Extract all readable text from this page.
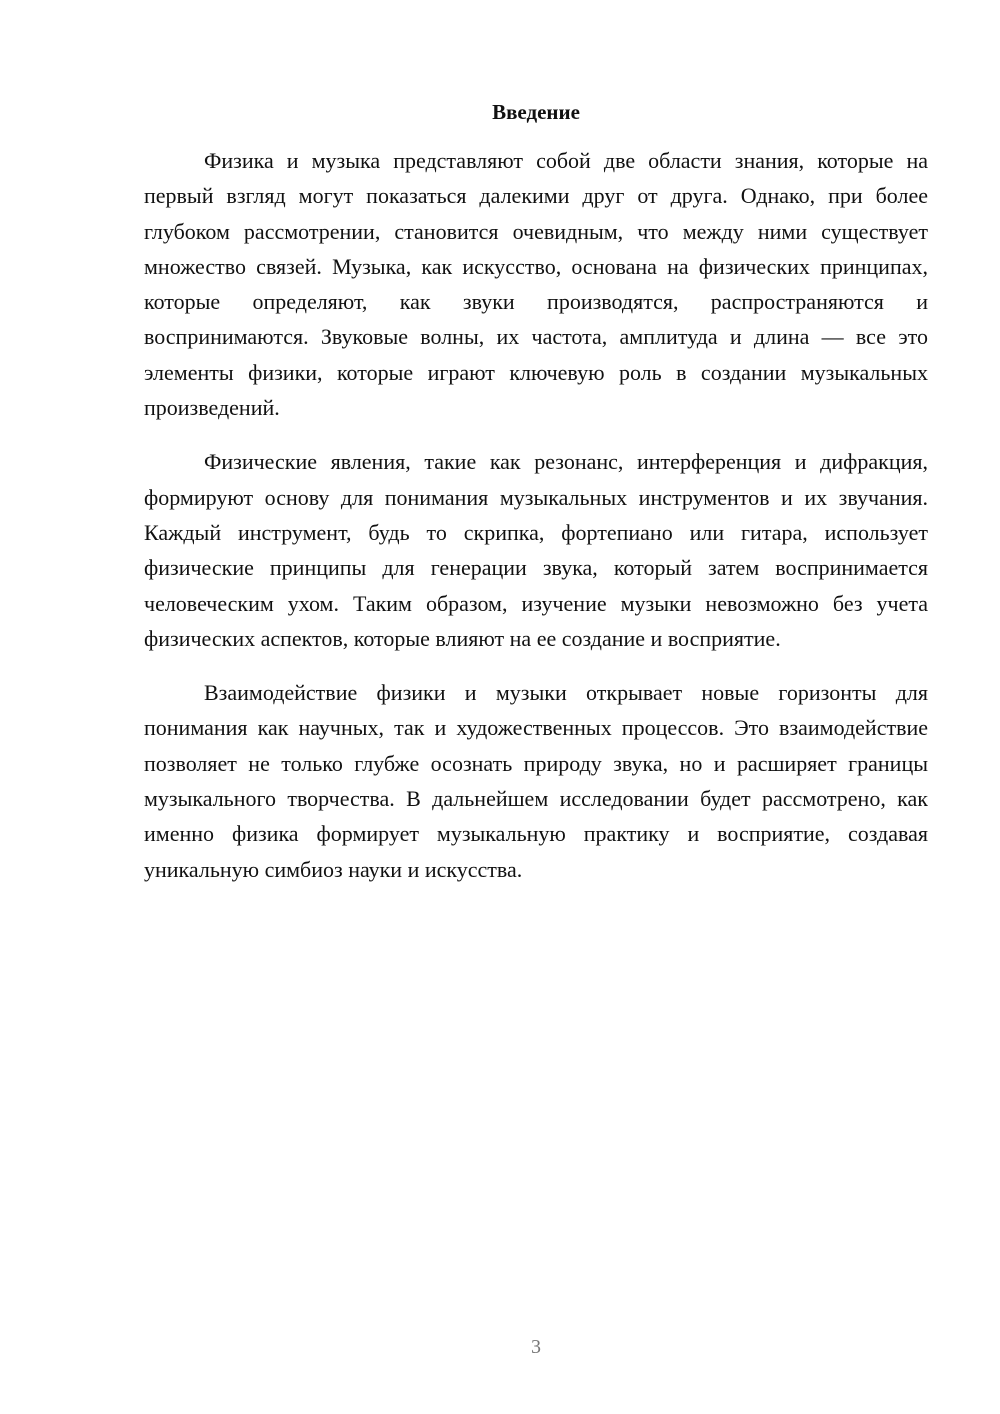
Введение

Физика и музыка представляют собой две области знания, которые на первый взгляд могут показаться далекими друг от друга. Однако, при более глубоком рассмотрении, становится очевидным, что между ними существует множество связей. Музыка, как искусство, основана на физических принципах, которые определяют, как звуки производятся, распространяются и воспринимаются. Звуковые волны, их частота, амплитуда и длина — все это элементы физики, которые играют ключевую роль в создании музыкальных произведений.

Физические явления, такие как резонанс, интерференция и дифракция, формируют основу для понимания музыкальных инструментов и их звучания. Каждый инструмент, будь то скрипка, фортепиано или гитара, использует физические принципы для генерации звука, который затем воспринимается человеческим ухом. Таким образом, изучение музыки невозможно без учета физических аспектов, которые влияют на ее создание и восприятие.

Взаимодействие физики и музыки открывает новые горизонты для понимания как научных, так и художественных процессов. Это взаимодействие позволяет не только глубже осознать природу звука, но и расширяет границы музыкального творчества. В дальнейшем исследовании будет рассмотрено, как именно физика формирует музыкальную практику и восприятие, создавая уникальную симбиоз науки и искусства.

3
